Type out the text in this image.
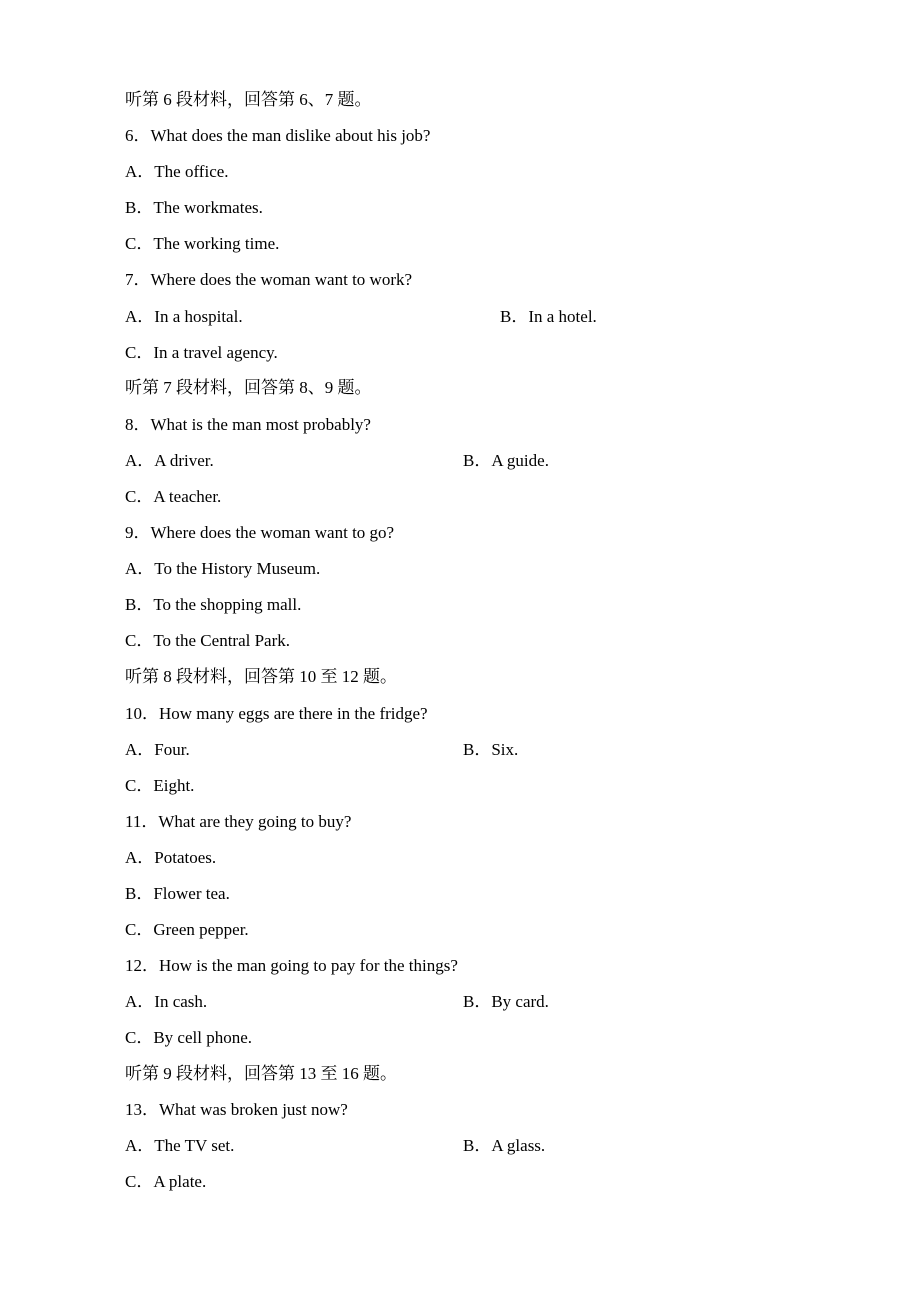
听第 6 段材料，回答第 6、7 题。
6．What does the man dislike about his job?
A．The office.
B．The workmates.
C．The working time.
7．Where does the woman want to work?
A．In a hospital.	B．In a hotel.
C．In a travel agency.
听第 7 段材料，回答第 8、9 题。
8．What is the man most probably?
A．A driver.	B．A guide.
C．A teacher.
9．Where does the woman want to go?
A．To the History Museum.
B．To the shopping mall.
C．To the Central Park.
听第 8 段材料，回答第 10 至 12 题。
10．How many eggs are there in the fridge?
A．Four.	B．Six.
C．Eight.
11．What are they going to buy?
A．Potatoes.
B．Flower tea.
C．Green pepper.
12．How is the man going to pay for the things?
A．In cash.	B．By card.
C．By cell phone.
听第 9 段材料，回答第 13 至 16 题。
13．What was broken just now?
A．The TV set.	B．A glass.
C．A plate.
